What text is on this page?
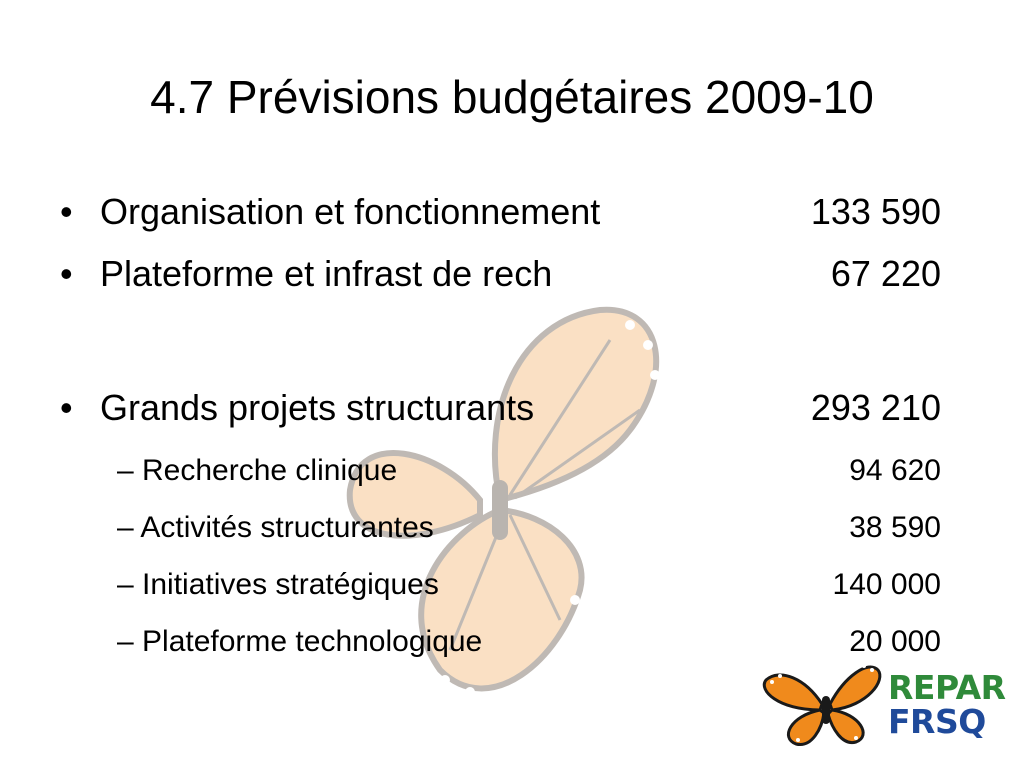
4.7 Prévisions budgétaires 2009-10
• Organisation et fonctionnement	133 590
• Plateforme et infrast de rech	67 220
• Grands projets structurants	293 210
– Recherche clinique	94 620
– Activités structurantes	38 590
– Initiatives stratégiques	140 000
– Plateforme technologique	20 000
REPAR
FRSQ
